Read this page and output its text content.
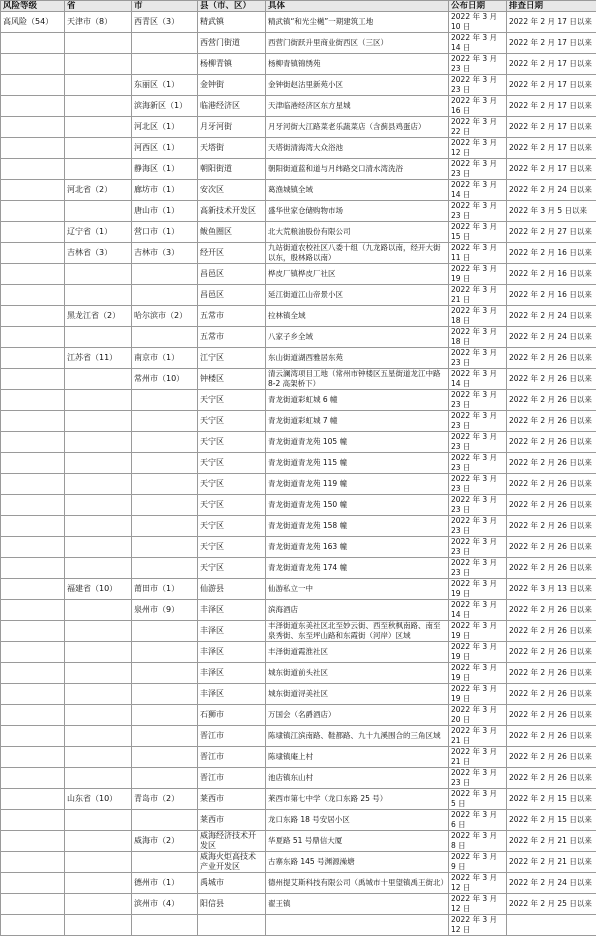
风险等级	省	市	县（市、区）	具体	公布日期	排查日期
高风险（54）	天津市（8）	西青区（3）	精武镇	精武镇“和光尘樾”一期建筑工地	2022 年 3 月 10 日	2022 年 2 月 17 日以来
			西营门街道	西营门街跃升里商业街西区（三区）	2022 年 3 月 14 日	2022 年 2 月 17 日以来
			杨柳青镇	杨柳青镇锦绣苑	2022 年 3 月 23 日	2022 年 2 月 17 日以来
		东丽区（1）	金钟街	金钟街赵沽里新苑小区	2022 年 3 月 23 日	2022 年 2 月 17 日以来
		滨海新区（1）	临港经济区	天津临港经济区东方星城	2022 年 3 月 16 日	2022 年 2 月 17 日以来
		河北区（1）	月牙河街	月牙河街大江路菜老乐蔬菜店（含蓟县鸡蛋店）	2022 年 3 月 22 日	2022 年 2 月 17 日以来
		河西区（1）	天塔街	天塔街清海湾大众浴池	2022 年 3 月 12 日	2022 年 2 月 17 日以来
		静海区（1）	朝阳街道	朝阳街道蓝和道与月纬路交口清水湾洗浴	2022 年 3 月 23 日	2022 年 2 月 17 日以来
	河北省（2）	廊坊市（1）	安次区	葛渔城镇全域	2022 年 3 月 14 日	2022 年 2 月 24 日以来
		唐山市（1）	高新技术开发区	盛华世家仓储购物市场	2022 年 3 月 23 日	2022 年 3 月 5 日以来
	辽宁省（1）	营口市（1）	鲅鱼圈区	北大荒粮油股份有限公司	2022 年 3 月 15 日	2022 年 2 月 27 日以来
	吉林省（3）	吉林市（3）	经开区	九站街道农校社区八委十组（九龙路以南，经开大街以东，殷林路以南）	2022 年 3 月 11 日	2022 年 2 月 16 日以来
			昌邑区	桦皮厂镇桦皮厂社区	2022 年 3 月 19 日	2022 年 2 月 16 日以来
			昌邑区	延江街道江山帝景小区	2022 年 3 月 21 日	2022 年 2 月 16 日以来
	黑龙江省（2）	哈尔滨市（2）	五常市	拉林镇全域	2022 年 3 月 18 日	2022 年 2 月 24 日以来
			五常市	八家子乡全域	2022 年 3 月 18 日	2022 年 2 月 24 日以来
	江苏省（11）	南京市（1）	江宁区	东山街道湖西雅居东苑	2022 年 3 月 23 日	2022 年 2 月 26 日以来
		常州市（10）	钟楼区	清云澜湾项目工地（常州市钟楼区五星街道龙江中路 8-2 高架桥下）	2022 年 3 月 14 日	2022 年 2 月 26 日以来
			天宁区	青龙街道彩虹城 6 幢	2022 年 3 月 23 日	2022 年 2 月 26 日以来
			天宁区	青龙街道彩虹城 7 幢	2022 年 3 月 23 日	2022 年 2 月 26 日以来
			天宁区	青龙街道青龙苑 105 幢	2022 年 3 月 23 日	2022 年 2 月 26 日以来
			天宁区	青龙街道青龙苑 115 幢	2022 年 3 月 23 日	2022 年 2 月 26 日以来
			天宁区	青龙街道青龙苑 119 幢	2022 年 3 月 23 日	2022 年 2 月 26 日以来
			天宁区	青龙街道青龙苑 150 幢	2022 年 3 月 23 日	2022 年 2 月 26 日以来
			天宁区	青龙街道青龙苑 158 幢	2022 年 3 月 23 日	2022 年 2 月 26 日以来
			天宁区	青龙街道青龙苑 163 幢	2022 年 3 月 23 日	2022 年 2 月 26 日以来
			天宁区	青龙街道青龙苑 174 幢	2022 年 3 月 23 日	2022 年 2 月 26 日以来
	福建省（10）	莆田市（1）	仙游县	仙游私立一中	2022 年 3 月 19 日	2022 年 3 月 13 日以来
		泉州市（9）	丰泽区	滨海酒店	2022 年 3 月 14 日	2022 年 2 月 26 日以来
			丰泽区	丰泽街道东美社区北至妙云街、西至秋枫南路、南至泉秀街、东至坪山路和东霞街（河岸）区域	2022 年 3 月 19 日	2022 年 2 月 26 日以来
			丰泽区	丰泽街道霞淮社区	2022 年 3 月 19 日	2022 年 2 月 26 日以来
			丰泽区	城东街道前头社区	2022 年 3 月 19 日	2022 年 2 月 26 日以来
			丰泽区	城东街道浔美社区	2022 年 3 月 19 日	2022 年 2 月 26 日以来
			石狮市	万国会（名爵酒店）	2022 年 3 月 20 日	2022 年 2 月 26 日以来
			晋江市	陈埭镇江滨南路、鞋都路、九十九溪围合的三角区域	2022 年 3 月 21 日	2022 年 2 月 26 日以来
			晋江市	陈埭镇庵上村	2022 年 3 月 21 日	2022 年 2 月 26 日以来
			晋江市	池店镇东山村	2022 年 3 月 23 日	2022 年 2 月 26 日以来
	山东省（10）	青岛市（2）	莱西市	莱西市第七中学（龙口东路 25 号）	2022 年 3 月 5 日	2022 年 2 月 15 日以来
			莱西市	龙口东路 18 号安居小区	2022 年 3 月 6 日	2022 年 2 月 15 日以来
		威海市（2）	威海经济技术开发区	华夏路 51 号鼎信大厦	2022 年 3 月 8 日	2022 年 2 月 21 日以来
			威海火炬高技术产业开发区	古寨东路 145 号渊源澡塘	2022 年 3 月 9 日	2022 年 2 月 21 日以来
		德州市（1）	禹城市	德州提艾斯科技有限公司（禹城市十里望镇禹王街北）	2022 年 3 月 12 日	2022 年 2 月 24 日以来
		滨州市（4）	阳信县	翟王镇	2022 年 3 月 12 日	2022 年 2 月 25 日以来
					2022 年 3 月 12 日	
